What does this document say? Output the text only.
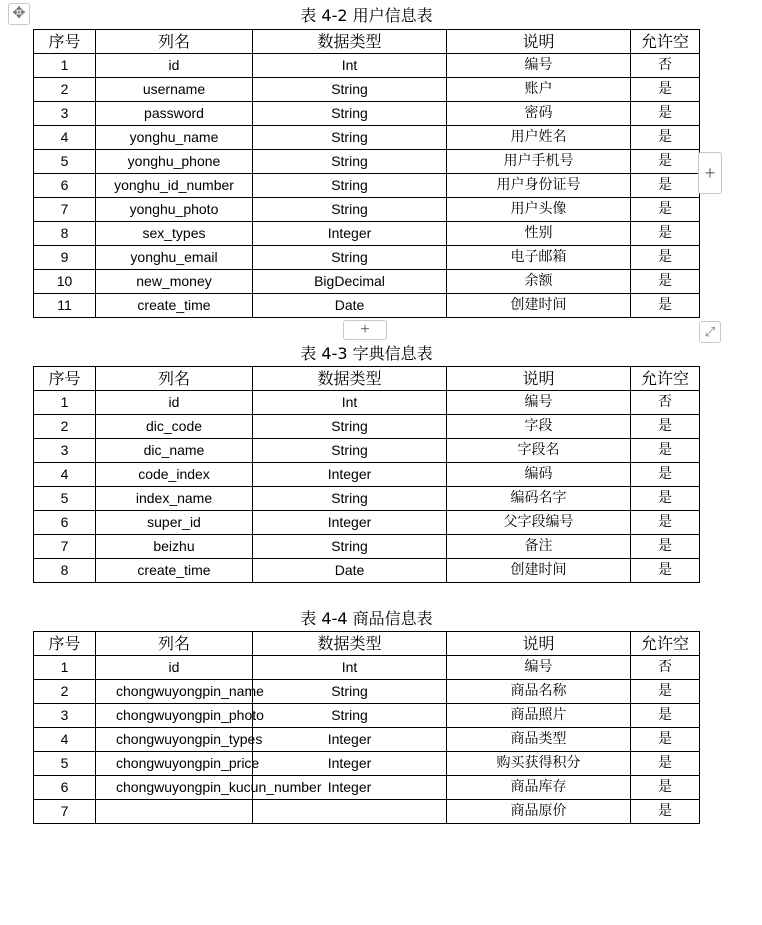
✥	表 4-2 用户信息表
序号	列名	数据类型	说明	允许空
1	id	Int	编号	否
2	username	String	账户	是
3	password	String	密码	是
4	yonghu_name	String	用户姓名	是
5	yonghu_phone	String	用户手机号	是
6	yonghu_id_number	String	用户身份证号	是
7	yonghu_photo	String	用户头像	是
8	sex_types	Integer	性别	是
9	yonghu_email	String	电子邮箱	是
10	new_money	BigDecimal	余额	是
11	create_time	Date	创建时间	是
+
+	⤢
表 4-3 字典信息表
序号	列名	数据类型	说明	允许空
1	id	Int	编号	否
2	dic_code	String	字段	是
3	dic_name	String	字段名	是
4	code_index	Integer	编码	是
5	index_name	String	编码名字	是
6	super_id	Integer	父字段编号	是
7	beizhu	String	备注	是
8	create_time	Date	创建时间	是
表 4-4 商品信息表
序号	列名	数据类型	说明	允许空
1	id	Int	编号	否
2	chongwuyongpin_name	String	商品名称	是
3	chongwuyongpin_photo	String	商品照片	是
4	chongwuyongpin_types	Integer	商品类型	是
5	chongwuyongpin_price	Integer	购买获得积分	是
6	chongwuyongpin_kucun_number	Integer	商品库存	是
7			商品原价	是
